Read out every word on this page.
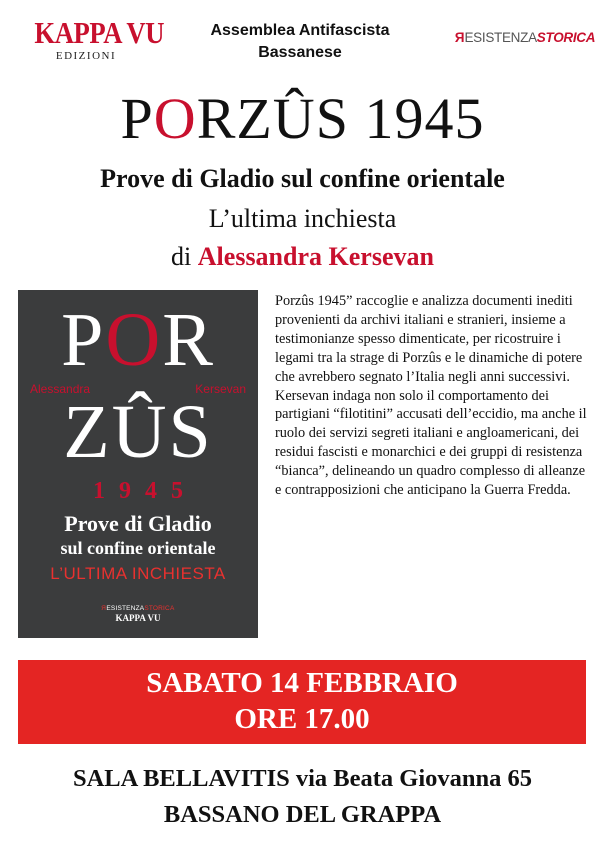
KAPPA VU
EDIZIONI
Assemblea Antifascista
Bassanese
RESISTENZASTORICA
PORZÛS 1945
Prove di Gladio sul confine orientale
L’ultima inchiesta
di Alessandra Kersevan
POR
Alessandra	Kersevan
ZÛS
1945
Prove di Gladio
sul confine orientale
L’ULTIMA INCHIESTA
RESISTENZASTORICA
KAPPA VU
Porzûs 1945” raccoglie e analizza documenti inediti provenienti da archivi italiani e stranieri, insieme a testimonianze spesso dimenticate, per ricostruire i legami tra la strage di Porzûs e le dinamiche di potere che avrebbero segnato l’Italia negli anni successivi. Kersevan indaga non solo il comportamento dei partigiani “filotitini” accusati dell’eccidio, ma anche il ruolo dei servizi segreti italiani e angloamericani, dei residui fascisti e monarchici e dei gruppi di resistenza “bianca”, delineando un quadro complesso di alleanze e contrapposizioni che anticipano la Guerra Fredda.
SABATO 14 FEBBRAIO
ORE 17.00
SALA BELLAVITIS via Beata Giovanna 65
BASSANO DEL GRAPPA
